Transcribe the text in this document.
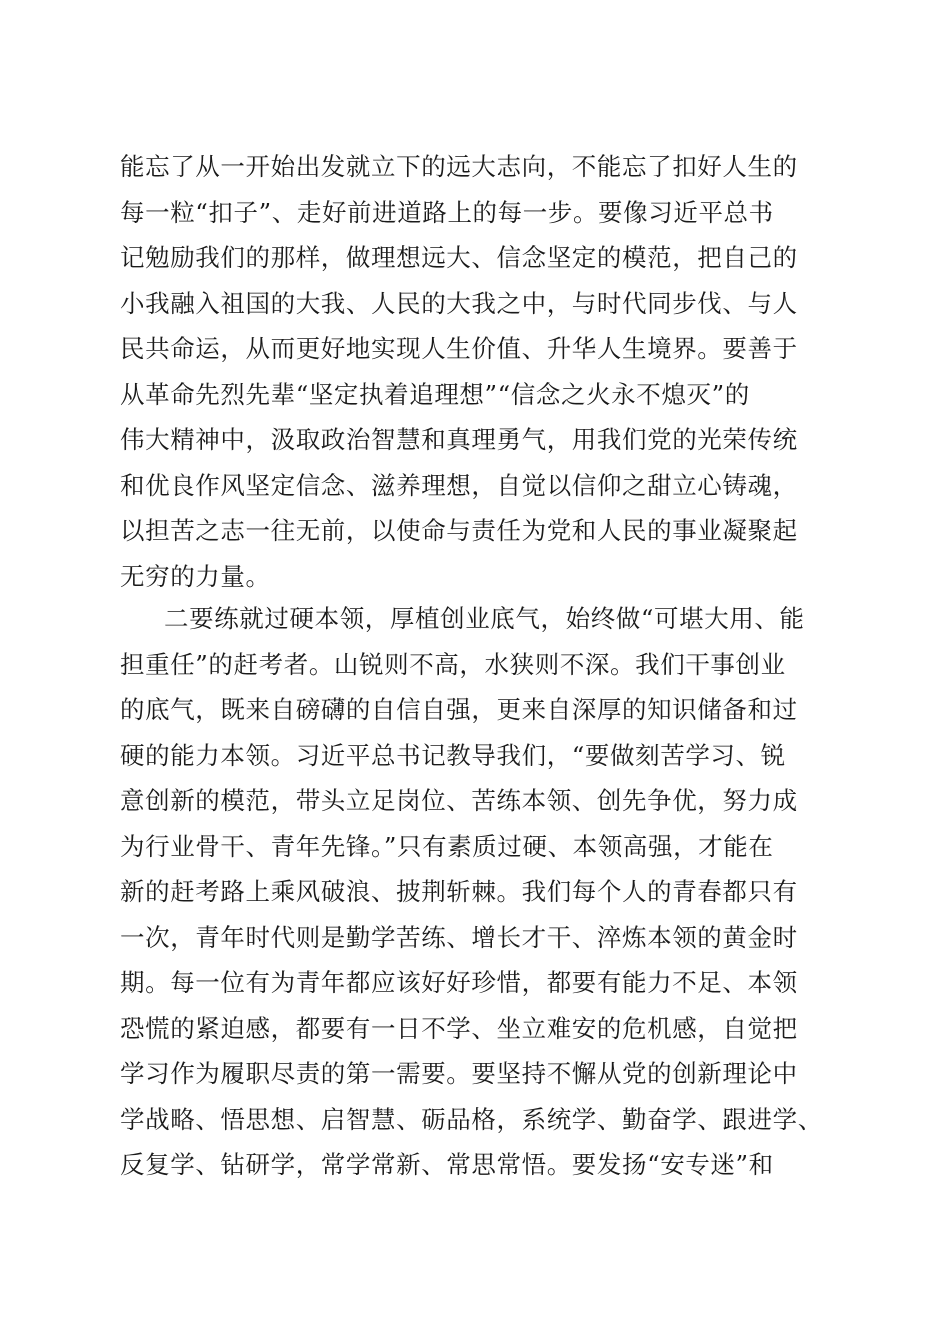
能忘了从一开始出发就立下的远大志向，不能忘了扣好人生的
每一粒“扣子”、走好前进道路上的每一步。要像习近平总书
记勉励我们的那样，做理想远大、信念坚定的模范，把自己的
小我融入祖国的大我、人民的大我之中，与时代同步伐、与人
民共命运，从而更好地实现人生价值、升华人生境界。要善于
从革命先烈先辈“坚定执着追理想”“信念之火永不熄灭”的
伟大精神中，汲取政治智慧和真理勇气，用我们党的光荣传统
和优良作风坚定信念、滋养理想，自觉以信仰之甜立心铸魂，
以担苦之志一往无前，以使命与责任为党和人民的事业凝聚起
无穷的力量。
二要练就过硬本领，厚植创业底气，始终做“可堪大用、能
担重任”的赶考者。山锐则不高，水狭则不深。我们干事创业
的底气，既来自磅礴的自信自强，更来自深厚的知识储备和过
硬的能力本领。习近平总书记教导我们，“要做刻苦学习、锐
意创新的模范，带头立足岗位、苦练本领、创先争优，努力成
为行业骨干、青年先锋。”只有素质过硬、本领高强，才能在
新的赶考路上乘风破浪、披荆斩棘。我们每个人的青春都只有
一次，青年时代则是勤学苦练、增长才干、淬炼本领的黄金时
期。每一位有为青年都应该好好珍惜，都要有能力不足、本领
恐慌的紧迫感，都要有一日不学、坐立难安的危机感，自觉把
学习作为履职尽责的第一需要。要坚持不懈从党的创新理论中
学战略、悟思想、启智慧、砺品格，系统学、勤奋学、跟进学、
反复学、钻研学，常学常新、常思常悟。要发扬“安专迷”和
